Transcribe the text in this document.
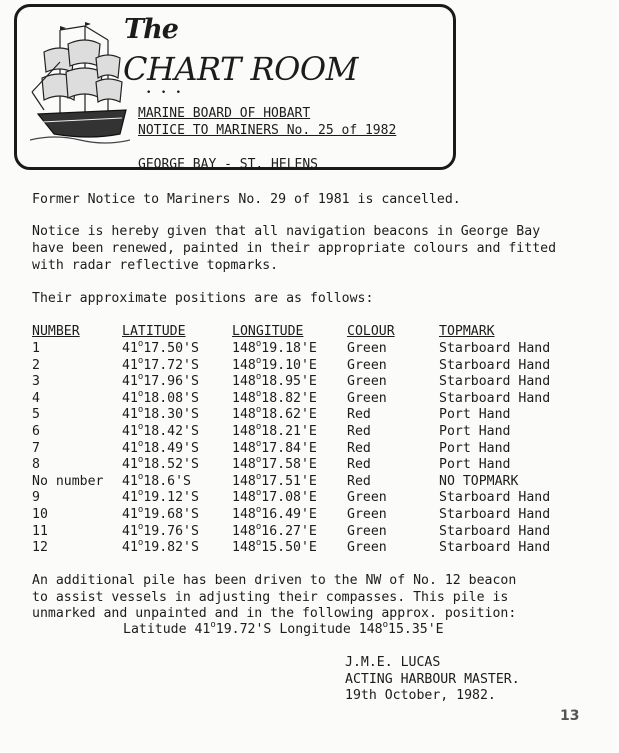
The
CHART ROOM
• • •
MARINE BOARD OF HOBART
NOTICE TO MARINERS No. 25 of 1982
GEORGE BAY - ST. HELENS
Former Notice to Mariners No. 29 of 1981 is cancelled.
Notice is hereby given that all navigation beacons in George Bay
have been renewed, painted in their appropriate colours and fitted
with radar reflective topmarks.
Their approximate positions are as follows:
NUMBER	LATITUDE	LONGITUDE	COLOUR	TOPMARK
1	41$^o$17.50'S	148$^o$19.18'E Green	Starboard Hand
2	41$^o$17.72'S	148$^o$19.10'E Green	Starboard Hand
3	41$^o$17.96'S	148$^o$18.95'E Green	Starboard Hand
4	41$^o$18.08'S	148$^o$18.82'E Green	Starboard Hand
5	41$^o$18.30'S	148$^o$18.62'E Red	Port Hand
6	41$^o$18.42'S	148$^o$18.21'E Red	Port Hand
7	41$^o$18.49'S	148$^o$17.84'E Red	Port Hand
8	41$^o$18.52'S	148$^o$17.58'E Red	Port Hand
No number 41$^o$18.6'S	148$^o$17.51'E Red	NO TOPMARK
9	41$^o$19.12'S	148$^o$17.08'E Green	Starboard Hand
10	41$^o$19.68'S	148$^o$16.49'E Green	Starboard Hand
11	41$^o$19.76'S	148$^o$16.27'E Green	Starboard Hand
12	41$^o$19.82'S	148$^o$15.50'E Green	Starboard Hand
An additional pile has been driven to the NW of No. 12 beacon
to assist vessels in adjusting their compasses. This pile is
unmarked and unpainted and in the following approx. position:
Latitude 41$^o$19.72'S Longitude 148$^o$15.35'E
J.M.E. LUCAS
ACTING HARBOUR MASTER.
19th October, 1982.
13
